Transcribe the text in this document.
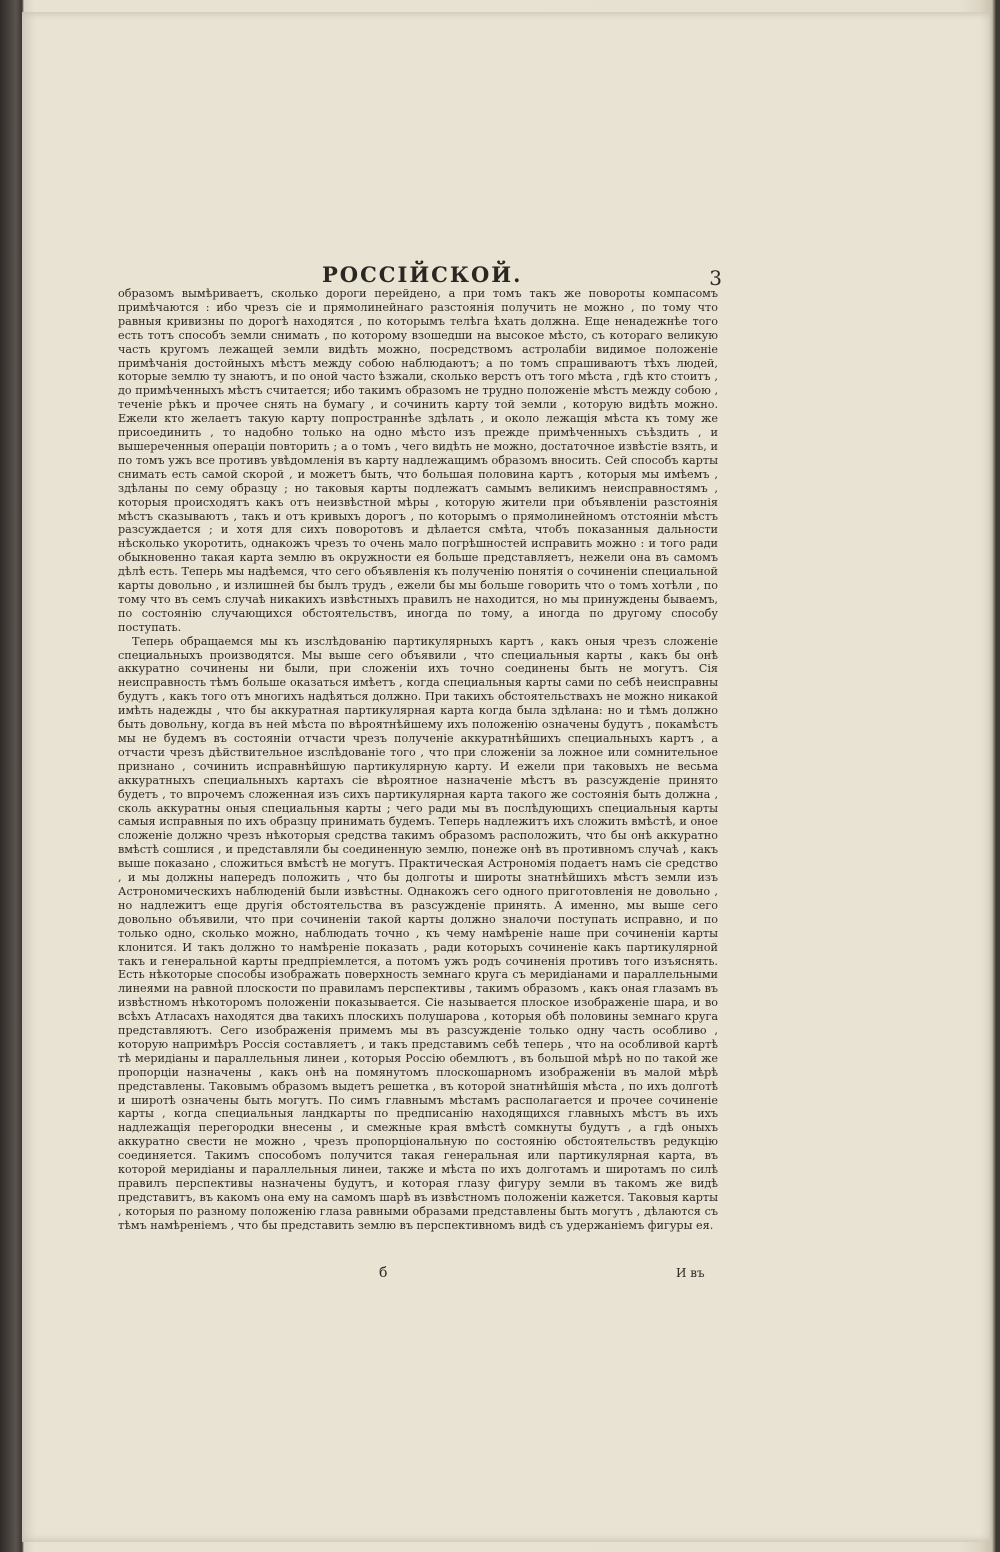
РОССІЙСКОЙ.	3

образомъ вымѣриваетъ, сколько дороги перейдено, а при томъ такъ же повороты компасомъ примѣчаются : ибо чрезъ сіе и прямолинейнаго разстоянія получить не можно , по тому что равныя кривизны по дорогѣ находятся , по которымъ телѣга ѣхать должна. Еще ненадежнѣе того есть тотъ способъ земли снимать , по которому взошедши на высокое мѣсто, съ котораго великую часть кругомъ лежащей земли видѣть можно, посредствомъ астролабіи видимое положеніе примѣчанія достойныхъ мѣстъ между собою наблюдаютъ; а по томъ спрашиваютъ тѣхъ людей, которые землю ту знаютъ, и по оной часто ѣзжали, сколько верстъ отъ того мѣста , гдѣ кто стоитъ , до примѣченныхъ мѣстъ считается; ибо такимъ образомъ не трудно положеніе мѣстъ между собою , теченіе рѣкъ и прочее снять на бумагу , и сочинить карту той земли , которую видѣть можно. Ежели кто желаетъ такую карту попространнѣе здѣлать , и около лежащія мѣста къ тому же присоединить , то надобно только на одно мѣсто изъ прежде примѣченныхъ съѣздить , и вышереченныя операціи повторить ; а о томъ , чего видѣть не можно, достаточное извѣстіе взять, и по томъ ужъ все противъ увѣдомленія въ карту надлежащимъ образомъ вносить. Сей способъ карты снимать есть самой скорой , и можетъ быть, что большая половина картъ , которыя мы имѣемъ , здѣланы по сему образцу ; но таковыя карты подлежатъ самымъ великимъ неисправностямъ , которыя происходятъ какъ отъ неизвѣстной мѣры , которую жители при объявленіи разстоянія мѣстъ сказываютъ , такъ и отъ кривыхъ дорогъ , по которымъ о прямолинейномъ отстояніи мѣстъ разсуждается ; и хотя для сихъ поворотовъ и дѣлается смѣта, чтобъ показанныя дальности нѣсколько укоротить, однакожъ чрезъ то очень мало погрѣшностей исправить можно : и того ради обыкновенно такая карта землю въ окружности ея больше представляетъ, нежели она въ самомъ дѣлѣ есть. Теперь мы надѣемся, что сего объявленія къ полученію понятія о сочиненіи специальной карты довольно , и излишней бы былъ трудъ , ежели бы мы больше говорить что о томъ хотѣли , по тому что въ семъ случаѣ никакихъ извѣстныхъ правилъ не находится, но мы принуждены бываемъ, по состоянію случающихся обстоятельствъ, иногда по тому, а иногда по другому способу поступать.

Теперь обращаемся мы къ изслѣдованію партикулярныхъ картъ , какъ оныя чрезъ сложеніе специальныхъ производятся. Мы выше сего объявили , что специальныя карты , какъ бы онѣ аккуратно сочинены ни были, при сложеніи ихъ точно соединены быть не могутъ. Сія неисправность тѣмъ больше оказаться имѣетъ , когда специальныя карты сами по себѣ неисправны будутъ , какъ того отъ многихъ надѣяться должно. При такихъ обстоятельствахъ не можно никакой имѣть надежды , что бы аккуратная партикулярная карта когда была здѣлана: но и тѣмъ должно быть довольну, когда въ ней мѣста по вѣроятнѣйшему ихъ положенію означены будутъ , покамѣстъ мы не будемъ въ состояніи отчасти чрезъ полученіе аккуратнѣйшихъ специальныхъ картъ , а отчасти чрезъ дѣйствительное изслѣдованіе того , что при сложеніи за ложное или сомнительное признано , сочинить исправнѣйшую партикулярную карту. И ежели при таковыхъ не весьма аккуратныхъ специальныхъ картахъ сіе вѣроятное назначеніе мѣстъ въ разсужденіе принято будетъ , то впрочемъ сложенная изъ сихъ партикулярная карта такого же состоянія быть должна , сколь аккуратны оныя специальныя карты ; чего ради мы въ послѣдующихъ специальныя карты самыя исправныя по ихъ образцу принимать будемъ. Теперь надлежитъ ихъ сложить вмѣстѣ, и оное сложеніе должно чрезъ нѣкоторыя средства такимъ образомъ расположить, что бы онѣ аккуратно вмѣстѣ сошлися , и представляли бы соединенную землю, понеже онѣ въ противномъ случаѣ , какъ выше показано , сложиться вмѣстѣ не могутъ. Практическая Астрономія подаетъ намъ сіе средство , и мы должны напередъ положить , что бы долготы и широты знатнѣйшихъ мѣстъ земли изъ Астрономическихъ наблюденій были извѣстны. Однакожъ сего одного приготовленія не довольно , но надлежитъ еще другія обстоятельства въ разсужденіе принять. А именно, мы выше сего довольно объявили, что при сочиненіи такой карты должно зналочи поступать исправно, и по только одно, сколько можно, наблюдать точно , къ чему намѣреніе наше при сочиненіи карты клонится. И такъ должно то намѣреніе показать , ради которыхъ сочиненіе какъ партикулярной такъ и генеральной карты предпріемлется, а потомъ ужъ родъ сочиненія противъ того изъяснять. Есть нѣкоторые способы изображать поверхность земнаго круга съ меридіанами и параллельными линеями на равной плоскости по правиламъ перспективы , такимъ образомъ , какъ оная глазамъ въ извѣстномъ нѣкоторомъ положеніи показывается. Сіе называется плоское изображеніе шара, и во всѣхъ Атласахъ находятся два такихъ плоскихъ полушарова , которыя обѣ половины земнаго круга представляютъ. Сего изображенія примемъ мы въ разсужденіе только одну часть особливо , которую напримѣръ Россія составляетъ , и такъ представимъ себѣ теперь , что на особливой картѣ тѣ меридіаны и параллельныя линеи , которыя Россію обемлютъ , въ большой мѣрѣ но по такой же пропорціи назначены , какъ онѣ на помянутомъ плоскошарномъ изображеніи въ малой мѣрѣ представлены. Таковымъ образомъ выдетъ решетка , въ которой знатнѣйшія мѣста , по ихъ долготѣ и широтѣ означены быть могутъ. По симъ главнымъ мѣстамъ располагается и прочее сочиненіе карты , когда специальныя ландкарты по предписанію находящихся главныхъ мѣстъ въ ихъ надлежащія перегородки внесены , и смежные края вмѣстѣ сомкнуты будутъ , а гдѣ оныхъ аккуратно свести не можно , чрезъ пропорціональную по состоянію обстоятельствъ редукцію соединяется. Такимъ способомъ получится такая генеральная или партикулярная карта, въ которой меридіаны и параллельныя линеи, также и мѣста по ихъ долготамъ и широтамъ по силѣ правилъ перспективы назначены будутъ, и которая глазу фигуру земли въ такомъ же видѣ представитъ, въ какомъ она ему на самомъ шарѣ въ извѣстномъ положеніи кажется. Таковыя карты , которыя по разному положенію глаза равными образами представлены быть могутъ , дѣлаются съ тѣмъ намѣреніемъ , что бы представить землю въ перспективномъ видѣ съ удержаніемъ фигуры ея.

б	И въ
